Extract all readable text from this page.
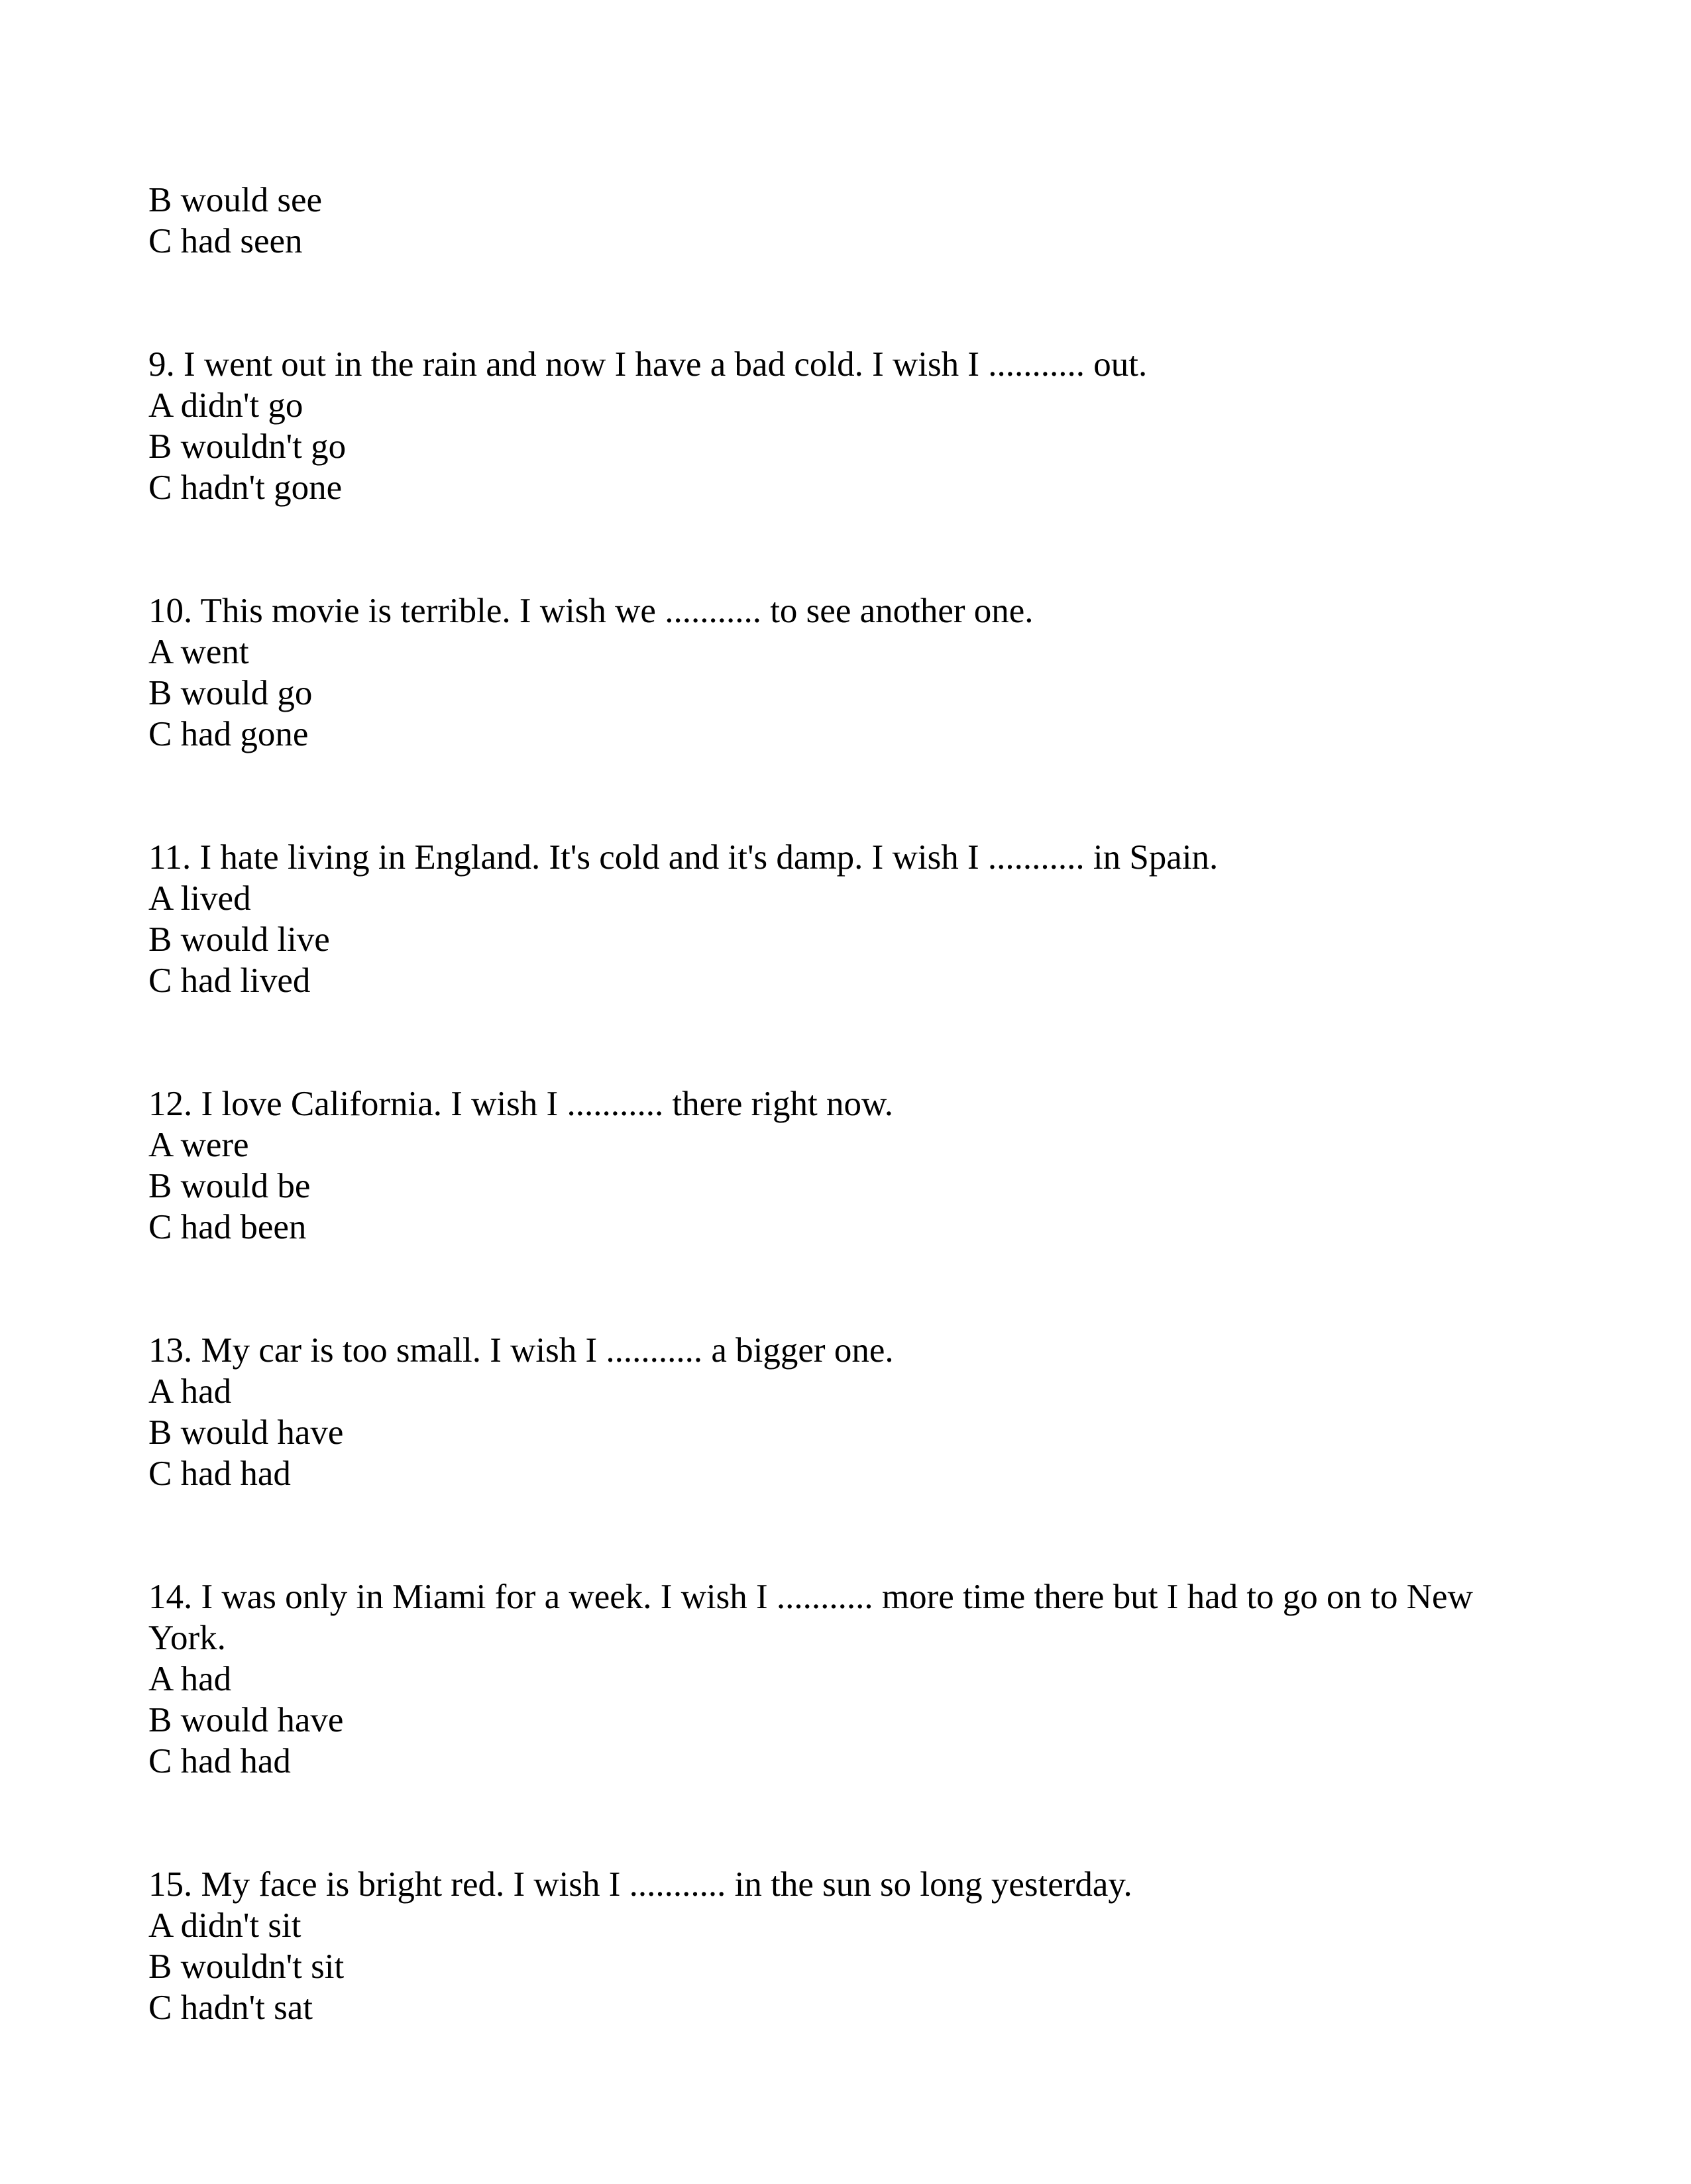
B would see
C had seen
9. I went out in the rain and now I have a bad cold. I wish I ........... out.
A didn't go
B wouldn't go
C hadn't gone
10. This movie is terrible. I wish we ........... to see another one.
A went
B would go
C had gone
11. I hate living in England. It's cold and it's damp. I wish I ........... in Spain.
A lived
B would live
C had lived
12. I love California. I wish I ........... there right now.
A were
B would be
C had been
13. My car is too small. I wish I ........... a bigger one.
A had
B would have
C had had
14. I was only in Miami for a week. I wish I ........... more time there but I had to go on to New York.
A had
B would have
C had had
15. My face is bright red. I wish I ........... in the sun so long yesterday.
A didn't sit
B wouldn't sit
C hadn't sat
